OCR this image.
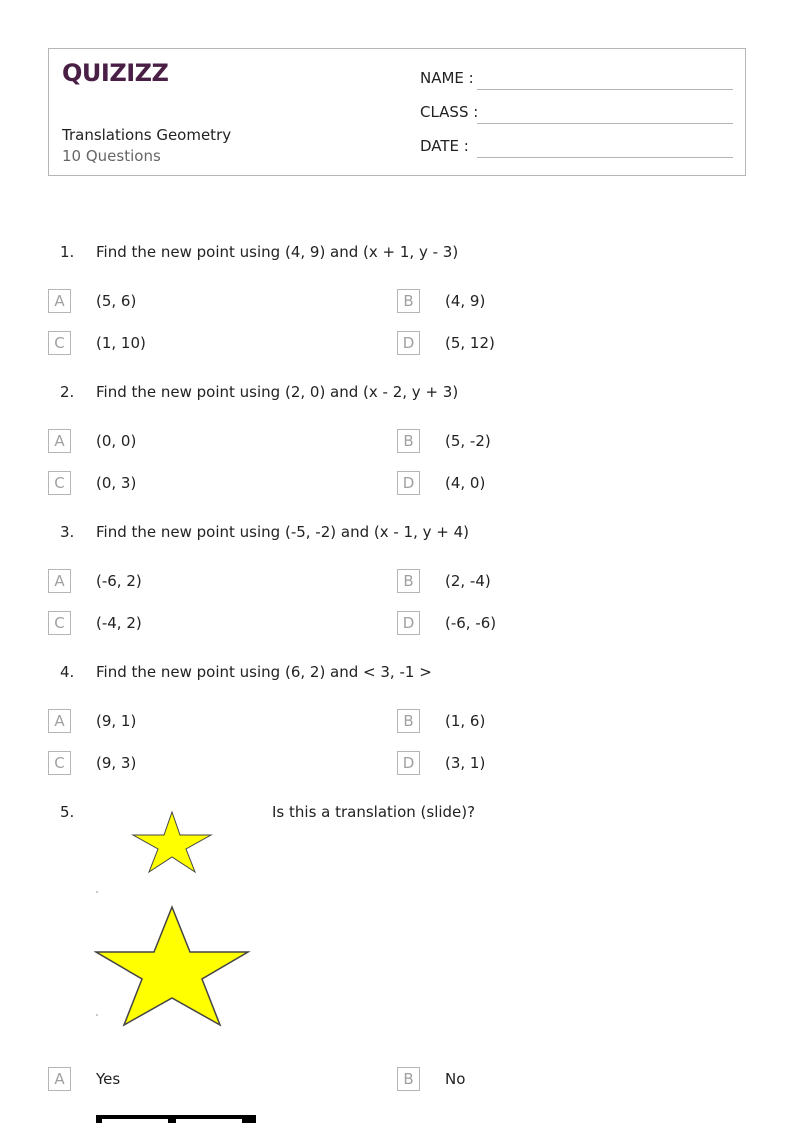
QUIZIZZ
Translations Geometry
10 Questions
NAME :
CLASS :
DATE :
1. Find the new point using (4, 9) and (x + 1, y - 3)
A	(5, 6)	B	(4, 9)
C	(1, 10)	D	(5, 12)
2. Find the new point using (2, 0) and (x - 2, y + 3)
A	(0, 0)	B	(5, -2)
C	(0, 3)	D	(4, 0)
3. Find the new point using (-5, -2) and (x - 1, y + 4)
A	(-6, 2)	B	(2, -4)
C	(-4, 2)	D	(-6, -6)
4. Find the new point using (6, 2) and < 3, -1 >
A	(9, 1)	B	(1, 6)
C	(9, 3)	D	(3, 1)
5.	Is this a translation (slide)?
A	Yes	B	No
